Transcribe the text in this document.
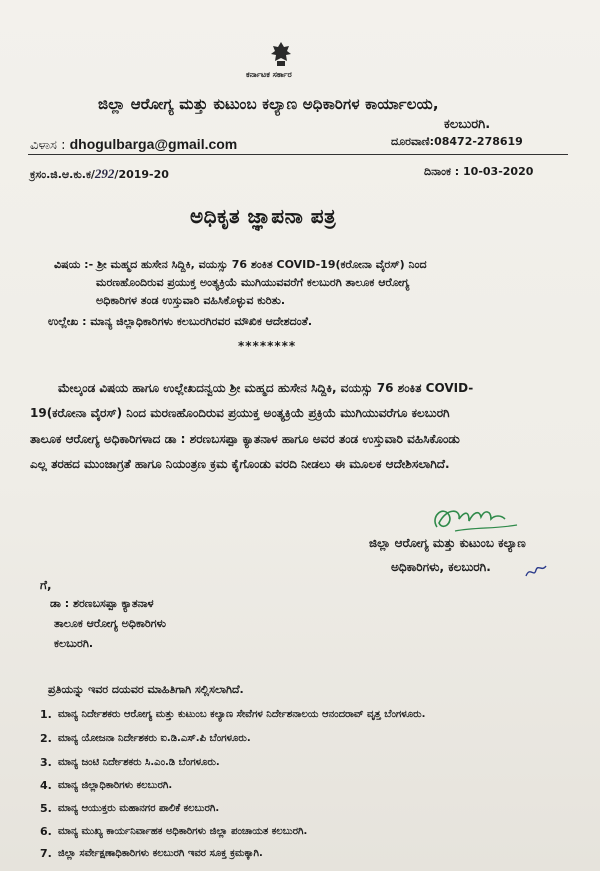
ಕರ್ನಾಟಕ ಸರ್ಕಾರ
ಜಿಲ್ಲಾ ಆರೋಗ್ಯ ಮತ್ತು ಕುಟುಂಬ ಕಲ್ಯಾಣ ಅಧಿಕಾರಿಗಳ ಕಾರ್ಯಾಲಯ,
ಕಲಬುರಗಿ.
ವಿಳಾಸ : dhogulbarga@gmail.com	ದೂರವಾಣಿ:08472-278619
ಕ್ರಸಂ.ಜಿ.ಆ.ಕು.ಕ/292/2019-20	ದಿನಾಂಕ : 10-03-2020
ಅಧಿಕೃತ ಜ್ಞಾಪನಾ ಪತ್ರ
ವಿಷಯ :- ಶ್ರೀ ಮಹ್ಮದ ಹುಸೇನ ಸಿದ್ದಿಕಿ, ವಯಸ್ಸು 76 ಶಂಕಿತ COVID-19(ಕರೋನಾ ವೈರಸ್) ನಿಂದ
ಮರಣಹೊಂದಿರುವ ಪ್ರಯುಕ್ತ ಅಂತ್ಯಕ್ರಿಯೆ ಮುಗಿಯುವವರೆಗೆ ಕಲಬುರಗಿ ತಾಲೂಕ ಆರೋಗ್ಯ
ಅಧಿಕಾರಿಗಳ ತಂಡ ಉಸ್ತುವಾರಿ ವಹಿಸಿಕೊಳ್ಳುವ ಕುರಿತು.
ಉಲ್ಲೇಖ : ಮಾನ್ಯ ಜಿಲ್ಲಾಧಿಕಾರಿಗಳು ಕಲಬುರಗಿರವರ ಮೌಖಿಕ ಆದೇಶದಂತೆ.
********
ಮೇಲ್ಕಂಡ ವಿಷಯ ಹಾಗೂ ಉಲ್ಲೇಖದನ್ವಯ ಶ್ರೀ ಮಹ್ಮದ ಹುಸೇನ ಸಿದ್ದಿಕಿ, ವಯಸ್ಸು 76 ಶಂಕಿತ COVID-
19(ಕರೋನಾ ವೈರಸ್) ನಿಂದ ಮರಣಹೊಂದಿರುವ ಪ್ರಯುಕ್ತ ಅಂತ್ಯಕ್ರಿಯೆ ಪ್ರಕ್ರಿಯೆ ಮುಗಿಯುವರೆಗೂ ಕಲಬುರಗಿ
ತಾಲೂಕ ಆರೋಗ್ಯ ಅಧಿಕಾರಿಗಳಾದ ಡಾ : ಶರಣಬಸಪ್ಪಾ ಕ್ಯಾತನಾಳ ಹಾಗೂ ಅವರ ತಂಡ ಉಸ್ತುವಾರಿ ವಹಿಸಿಕೊಂಡು
ಎಲ್ಲ ತರಹದ ಮುಂಜಾಗ್ರತೆ ಹಾಗೂ ನಿಯಂತ್ರಣ ಕ್ರಮ ಕೈಗೊಂಡು ವರದಿ ನೀಡಲು ಈ ಮೂಲಕ ಆದೇಶಿಸಲಾಗಿದೆ.
ಜಿಲ್ಲಾ ಆರೋಗ್ಯ ಮತ್ತು ಕುಟುಂಬ ಕಲ್ಯಾಣ
ಅಧಿಕಾರಿಗಳು, ಕಲಬುರಗಿ.
ಗೆ,
ಡಾ : ಶರಣಬಸಪ್ಪಾ ಕ್ಯಾತನಾಳ
ತಾಲೂಕ ಆರೋಗ್ಯ ಅಧಿಕಾರಿಗಳು
ಕಲಬುರಗಿ.
ಪ್ರತಿಯನ್ನು ಇವರ ದಯವರ ಮಾಹಿತಿಗಾಗಿ ಸಲ್ಲಿಸಲಾಗಿದೆ.
1. ಮಾನ್ಯ ನಿರ್ದೇಶಕರು ಆರೋಗ್ಯ ಮತ್ತು ಕುಟುಂಬ ಕಲ್ಯಾಣ ಸೇವೆಗಳ ನಿರ್ದೇಶನಾಲಯ ಆನಂದರಾವ್ ವೃತ್ತ ಬೆಂಗಳೂರು.
2. ಮಾನ್ಯ ಯೋಜನಾ ನಿರ್ದೇಶಕರು ಐ.ಡಿ.ಎಸ್.ಪಿ ಬೆಂಗಳೂರು.
3. ಮಾನ್ಯ ಜಂಟಿ ನಿರ್ದೇಶಕರು ಸಿ.ಎಂ.ಡಿ ಬೆಂಗಳೂರು.
4. ಮಾನ್ಯ ಜಿಲ್ಲಾಧಿಕಾರಿಗಳು ಕಲಬುರಗಿ.
5. ಮಾನ್ಯ ಆಯುಕ್ತರು ಮಹಾನಗರ ಪಾಲಿಕೆ ಕಲಬುರಗಿ.
6. ಮಾನ್ಯ ಮುಖ್ಯ ಕಾರ್ಯನಿರ್ವಾಹಕ ಅಧಿಕಾರಿಗಳು ಜಿಲ್ಲಾ ಪಂಚಾಯತ ಕಲಬುರಗಿ.
7. ಜಿಲ್ಲಾ ಸರ್ವೇಕ್ಷಣಾಧಿಕಾರಿಗಳು ಕಲಬುರಗಿ ಇವರ ಸೂಕ್ತ ಕ್ರಮಕ್ಕಾಗಿ.
